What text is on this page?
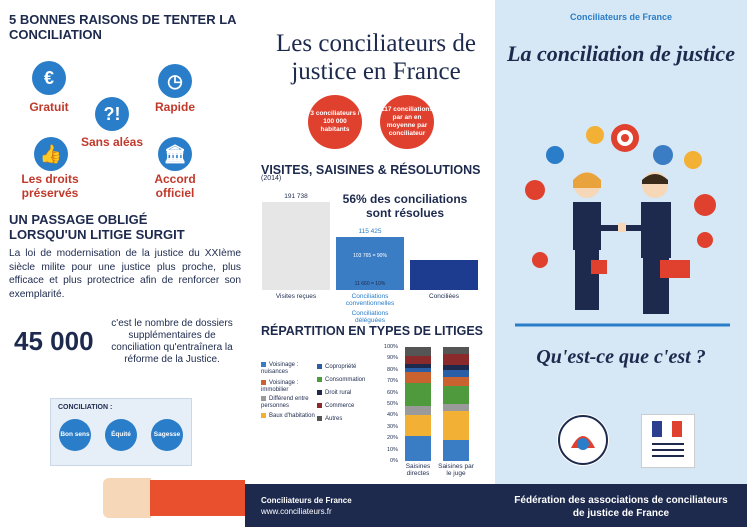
5 BONNES RAISONS DE TENTER LA CONCILIATION
€
Gratuit
◷
Rapide
?!
Sans aléas
👍
Les droits préservés
🏛
Accord officiel
UN PASSAGE OBLIGÉ LORSQU'UN LITIGE SURGIT
La loi de modernisation de la justice du XXIème siècle milite pour une justice plus proche, plus efficace et plus protectrice afin de renforcer son exemplarité.
45 000
c'est le nombre de dossiers supplémentaires de conciliation qu'entraînera la réforme de la Justice.
CONCILIATION :
Bon sens	Équité	Sagesse
Les conciliateurs de justice en France
3 conciliateurs / 100 000 habitants
117 conciliations par an en moyenne par conciliateur
VISITES, SAISINES & RÉSOLUTIONS
(2014)
191 738
Visites reçues
56% des conciliations sont résolues
115 425
103 765 = 90%
11 660 = 10%
Conciliations conventionnelles
Conciliations déléguées
Conciliées
RÉPARTITION EN TYPES DE LITIGES
Voisinage : nuisances
Voisinage : immobilier
Différend entre personnes
Baux d'habitation
Copropriété
Consommation
Droit rural
Commerce
Autres
0%
10%
20%
30%
40%
50%
60%
70%
80%
90%
100%
Saisines directes
Saisines par le juge
Conciliateurs de France
www.conciliateurs.fr
Conciliateurs de France
La conciliation de justice
Qu'est-ce que c'est ?
Fédération des associations de conciliateurs de justice de France
